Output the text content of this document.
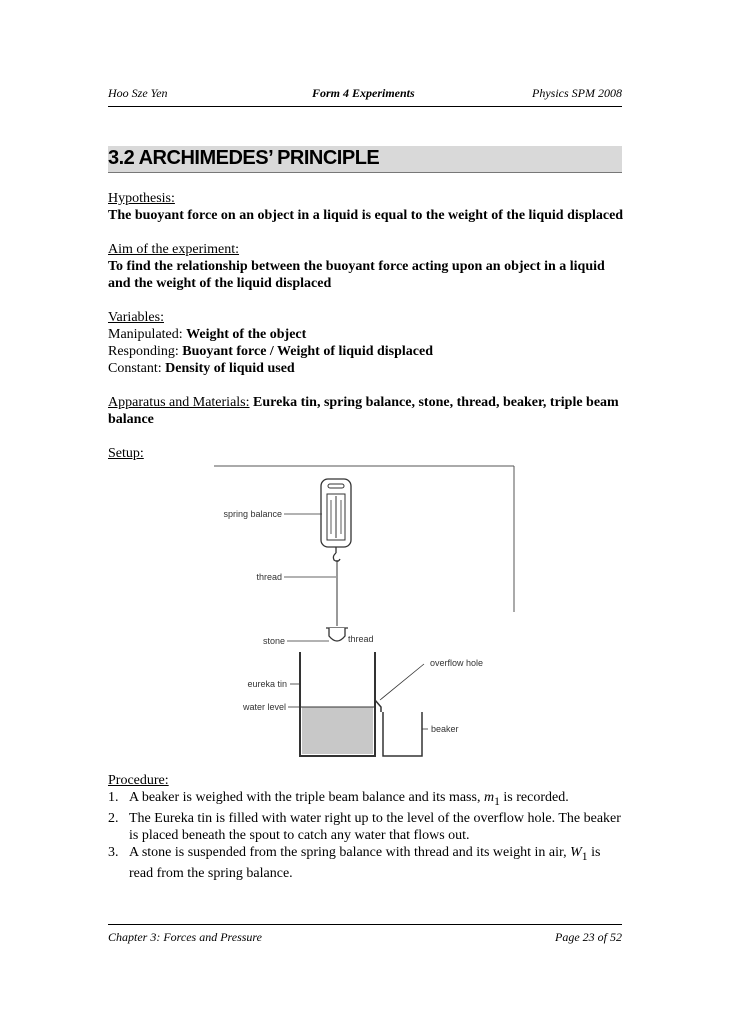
Hoo Sze Yen	Form 4 Experiments	Physics SPM 2008
3.2 ARCHIMEDES’ PRINCIPLE

Hypothesis:

The buoyant force on an object in a liquid is equal to the weight of the liquid displaced

Aim of the experiment:

To find the relationship between the buoyant force acting upon an object in a liquid and the weight of the liquid displaced

Variables:

Manipulated: Weight of the object

Responding: Buoyant force / Weight of liquid displaced

Constant: Density of liquid used

Apparatus and Materials: Eureka tin, spring balance, stone, thread, beaker, triple beam balance

Setup:

spring balance
thread
stone	thread
overflow hole
eureka tin
water level
beaker

Procedure:

1. A beaker is weighed with the triple beam balance and its mass, $m_1$ is recorded.
2. The Eureka tin is filled with water right up to the level of the overflow hole. The beaker is placed beneath the spout to catch any water that flows out.
3. A stone is suspended from the spring balance with thread and its weight in air, $W_1$ is read from the spring balance.
Chapter 3: Forces and Pressure	Page 23 of 52
